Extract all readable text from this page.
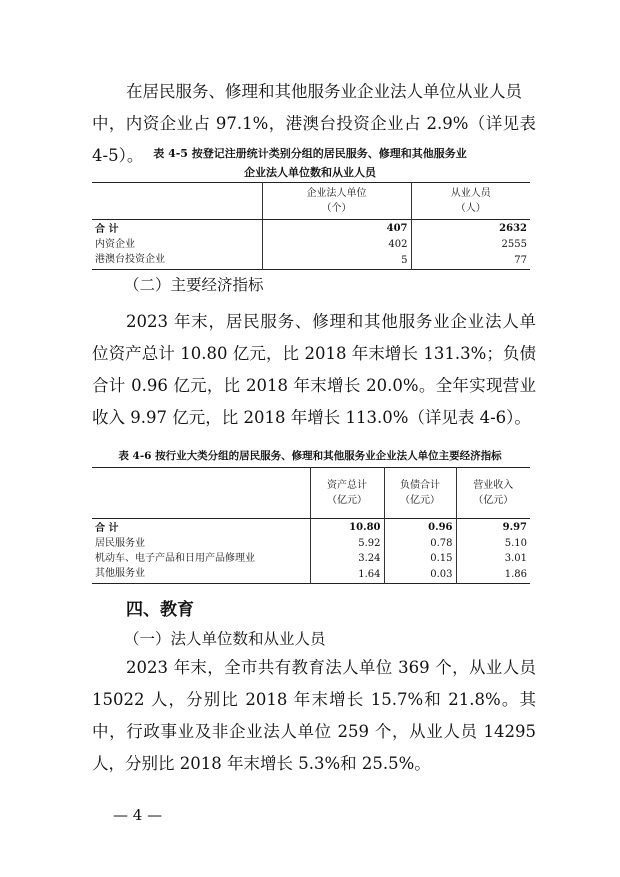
在居民服务、修理和其他服务业企业法人单位从业人员
中，内资企业占 97.1%，港澳台投资企业占 2.9%（详见表 4-5）。 表 4-5 按登记注册统计类别分组的居民服务、修理和其他服务业
企业法人单位数和从业人员
	企业法人单位
（个）	从业人员
（人）
合 计	407	2632
内资企业	402	2555
港澳台投资企业	5	77
（二）主要经济指标

2023 年末，居民服务、修理和其他服务业企业法人单位资产总计 10.80 亿元，比 2018 年末增长 131.3%；负债合计 0.96 亿元，比 2018 年末增长 20.0%。全年实现营业收入 9.97 亿元，比 2018 年增长 113.0%（详见表 4-6）。

表 4-6 按行业大类分组的居民服务、修理和其他服务业企业法人单位主要经济指标
	资产总计
（亿元）	负债合计
（亿元）	营业收入
（亿元）
合 计	10.80	0.96	9.97
居民服务业	5.92	0.78	5.10
机动车、电子产品和日用产品修理业	3.24	0.15	3.01
其他服务业	1.64	0.03	1.86
四、教育
（一）法人单位数和从业人员

2023 年末，全市共有教育法人单位 369 个，从业人员 15022 人，分别比 2018 年末增长 15.7%和 21.8%。其中，行政事业及非企业法人单位 259 个，从业人员 14295 人，分别比 2018 年末增长 5.3%和 25.5%。

— 4 —
